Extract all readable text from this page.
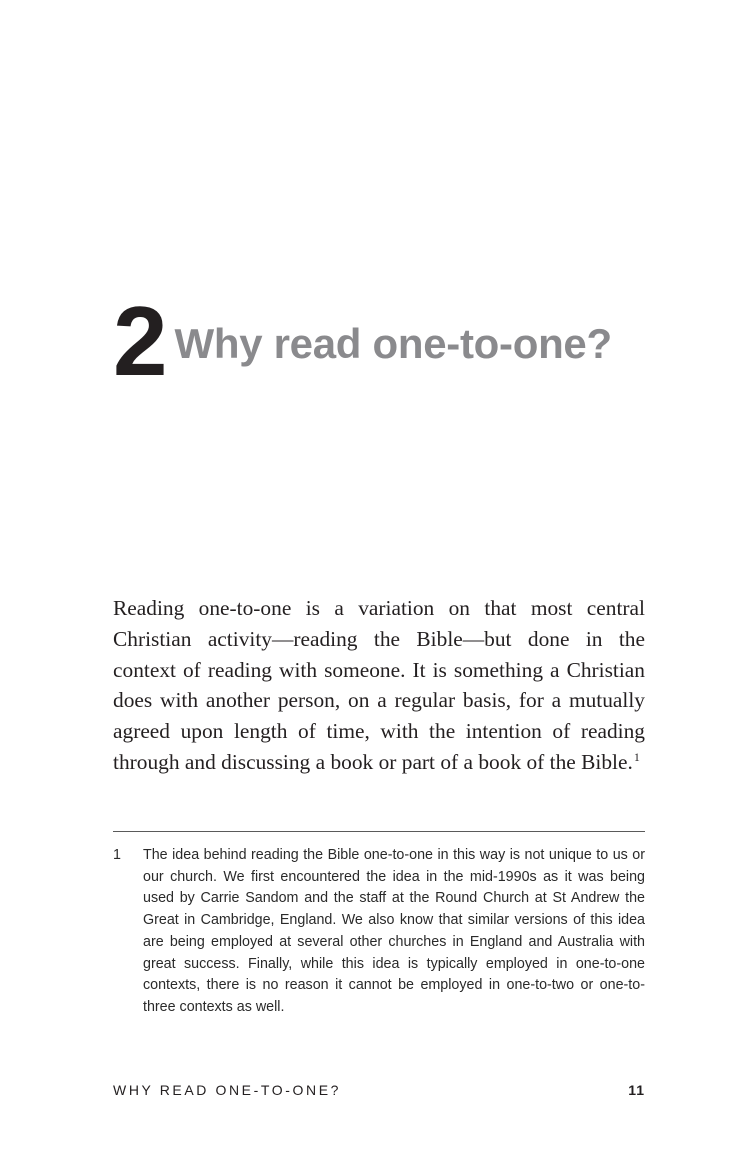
2 Why read one-to-one?

Reading one-to-one is a variation on that most central Christian activity—reading the Bible—but done in the context of reading with someone. It is something a Christian does with another person, on a regular basis, for a mutually agreed upon length of time, with the intention of reading through and discussing a book or part of a book of the Bible.$^1$

1	The idea behind reading the Bible one-to-one in this way is not unique to us or our church. We first encountered the idea in the mid-1990s as it was being used by Carrie Sandom and the staff at the Round Church at St Andrew the Great in Cambridge, England. We also know that similar versions of this idea are being employed at several other churches in England and Australia with great success. Finally, while this idea is typically employed in one-to-one contexts, there is no reason it cannot be employed in one-to-two or one-to-three contexts as well.

WHY READ ONE-TO-ONE?	11
